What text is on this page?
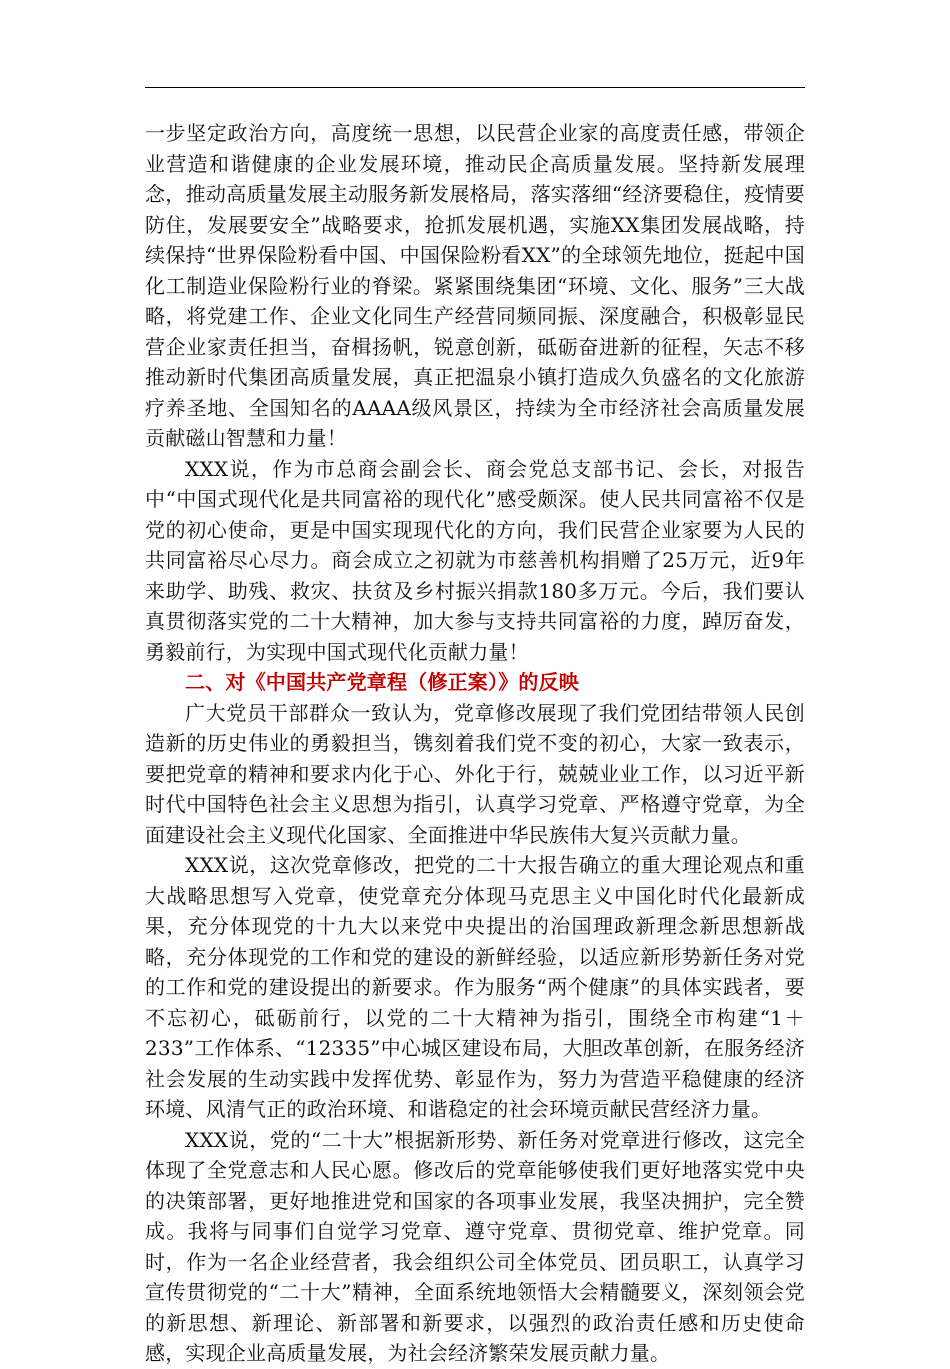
一步坚定政治方向，高度统一思想，以民营企业家的高度责任感，带领企业营造和谐健康的企业发展环境，推动民企高质量发展。坚持新发展理念，推动高质量发展主动服务新发展格局，落实落细“经济要稳住，疫情要防住，发展要安全”战略要求，抢抓发展机遇，实施XX集团发展战略，持续保持“世界保险粉看中国、中国保险粉看XX”的全球领先地位，挺起中国化工制造业保险粉行业的脊梁。紧紧围绕集团“环境、文化、服务”三大战略，将党建工作、企业文化同生产经营同频同振、深度融合，积极彰显民营企业家责任担当，奋楫扬帆，锐意创新，砥砺奋进新的征程，矢志不移推动新时代集团高质量发展，真正把温泉小镇打造成久负盛名的文化旅游疗养圣地、全国知名的AAAA级风景区，持续为全市经济社会高质量发展贡献磁山智慧和力量！

XXX说，作为市总商会副会长、商会党总支部书记、会长，对报告中“中国式现代化是共同富裕的现代化”感受颇深。使人民共同富裕不仅是党的初心使命，更是中国实现现代化的方向，我们民营企业家要为人民的共同富裕尽心尽力。商会成立之初就为市慈善机构捐赠了25万元，近9年来助学、助残、救灾、扶贫及乡村振兴捐款180多万元。今后，我们要认真贯彻落实党的二十大精神，加大参与支持共同富裕的力度，踔厉奋发，勇毅前行，为实现中国式现代化贡献力量！

二、对《中国共产党章程（修正案）》的反映

广大党员干部群众一致认为，党章修改展现了我们党团结带领人民创造新的历史伟业的勇毅担当，镌刻着我们党不变的初心，大家一致表示，要把党章的精神和要求内化于心、外化于行，兢兢业业工作，以习近平新时代中国特色社会主义思想为指引，认真学习党章、严格遵守党章，为全面建设社会主义现代化国家、全面推进中华民族伟大复兴贡献力量。

XXX说，这次党章修改，把党的二十大报告确立的重大理论观点和重大战略思想写入党章，使党章充分体现马克思主义中国化时代化最新成果，充分体现党的十九大以来党中央提出的治国理政新理念新思想新战略，充分体现党的工作和党的建设的新鲜经验，以适应新形势新任务对党的工作和党的建设提出的新要求。作为服务“两个健康”的具体实践者，要不忘初心，砥砺前行，以党的二十大精神为指引，围绕全市构建“1＋233”工作体系、“12335”中心城区建设布局，大胆改革创新，在服务经济社会发展的生动实践中发挥优势、彰显作为，努力为营造平稳健康的经济环境、风清气正的政治环境、和谐稳定的社会环境贡献民营经济力量。

XXX说，党的“二十大”根据新形势、新任务对党章进行修改，这完全体现了全党意志和人民心愿。修改后的党章能够使我们更好地落实党中央的决策部署，更好地推进党和国家的各项事业发展，我坚决拥护，完全赞成。我将与同事们自觉学习党章、遵守党章、贯彻党章、维护党章。同时，作为一名企业经营者，我会组织公司全体党员、团员职工，认真学习宣传贯彻党的“二十大”精神，全面系统地领悟大会精髓要义，深刻领会党的新思想、新理论、新部署和新要求，以强烈的政治责任感和历史使命感，实现企业高质量发展，为社会经济繁荣发展贡献力量。
